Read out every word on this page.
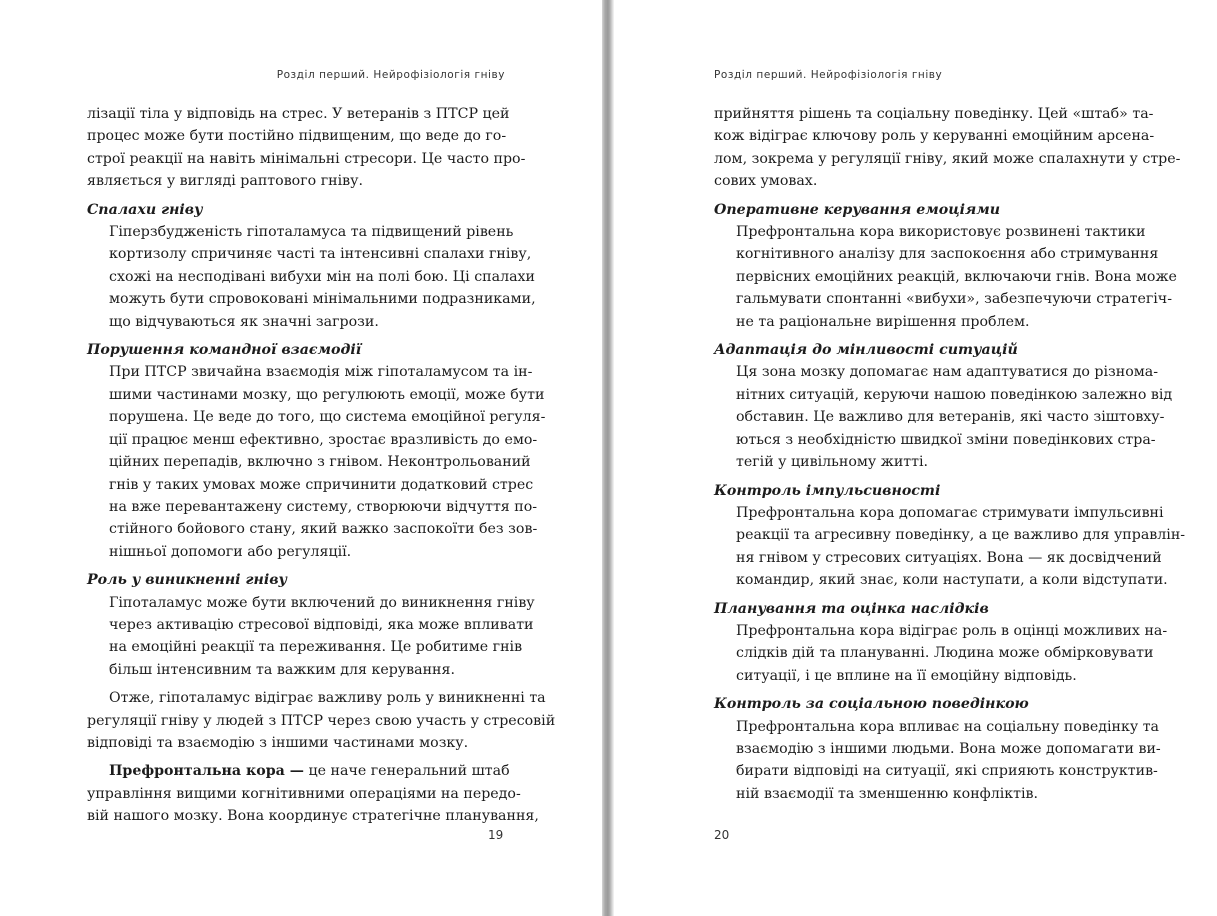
Розділ перший. Нейрофізіологія гніву

лізації тіла у відповідь на стрес. У ветеранів з ПТСР цей
процес може бути постійно підвищеним, що веде до го-
строї реакції на навіть мінімальні стресори. Це часто про-
являється у вигляді раптового гніву.

Спалахи гніву

Гіперзбудженість гіпоталамуса та підвищений рівень
кортизолу спричиняє часті та інтенсивні спалахи гніву,
схожі на несподівані вибухи мін на полі бою. Ці спалахи
можуть бути спровоковані мінімальними подразниками,
що відчуваються як значні загрози.

Порушення командної взаємодії

При ПТСР звичайна взаємодія між гіпоталамусом та ін-
шими частинами мозку, що регулюють емоції, може бути
порушена. Це веде до того, що система емоційної регуля-
ції працює менш ефективно, зростає вразливість до емо-
ційних перепадів, включно з гнівом. Неконтрольований
гнів у таких умовах може спричинити додатковий стрес
на вже перевантажену систему, створюючи відчуття по-
стійного бойового стану, який важко заспокоїти без зов-
нішньої допомоги або регуляції.

Роль у виникненні гніву

Гіпоталамус може бути включений до виникнення гніву
через активацію стресової відповіді, яка може впливати
на емоційні реакції та переживання. Це робитиме гнів
більш інтенсивним та важким для керування.

Отже, гіпоталамус відіграє важливу роль у виникненні та
регуляції гніву у людей з ПТСР через свою участь у стресовій
відповіді та взаємодію з іншими частинами мозку.

Префронтальна кора — це наче генеральний штаб
управління вищими когнітивними операціями на передо-
вій нашого мозку. Вона координує стратегічне планування,

19
Розділ перший. Нейрофізіологія гніву

прийняття рішень та соціальну поведінку. Цей «штаб» та-
кож відіграє ключову роль у керуванні емоційним арсена-
лом, зокрема у регуляції гніву, який може спалахнути у стре-
сових умовах.

Оперативне керування емоціями

Префронтальна кора використовує розвинені тактики
когнітивного аналізу для заспокоєння або стримування
первісних емоційних реакцій, включаючи гнів. Вона може
гальмувати спонтанні «вибухи», забезпечуючи стратегіч-
не та раціональне вирішення проблем.

Адаптація до мінливості ситуацій

Ця зона мозку допомагає нам адаптуватися до різнома-
нітних ситуацій, керуючи нашою поведінкою залежно від
обставин. Це важливо для ветеранів, які часто зіштовху-
ються з необхідністю швидкої зміни поведінкових стра-
тегій у цивільному житті.

Контроль імпульсивності

Префронтальна кора допомагає стримувати імпульсивні
реакції та агресивну поведінку, а це важливо для управлін-
ня гнівом у стресових ситуаціях. Вона — як досвідчений
командир, який знає, коли наступати, а коли відступати.

Планування та оцінка наслідків

Префронтальна кора відіграє роль в оцінці можливих на-
слідків дій та плануванні. Людина може обмірковувати
ситуації, і це вплине на її емоційну відповідь.

Контроль за соціальною поведінкою

Префронтальна кора впливає на соціальну поведінку та
взаємодію з іншими людьми. Вона може допомагати ви-
бирати відповіді на ситуації, які сприяють конструктив-
ній взаємодії та зменшенню конфліктів.

20
